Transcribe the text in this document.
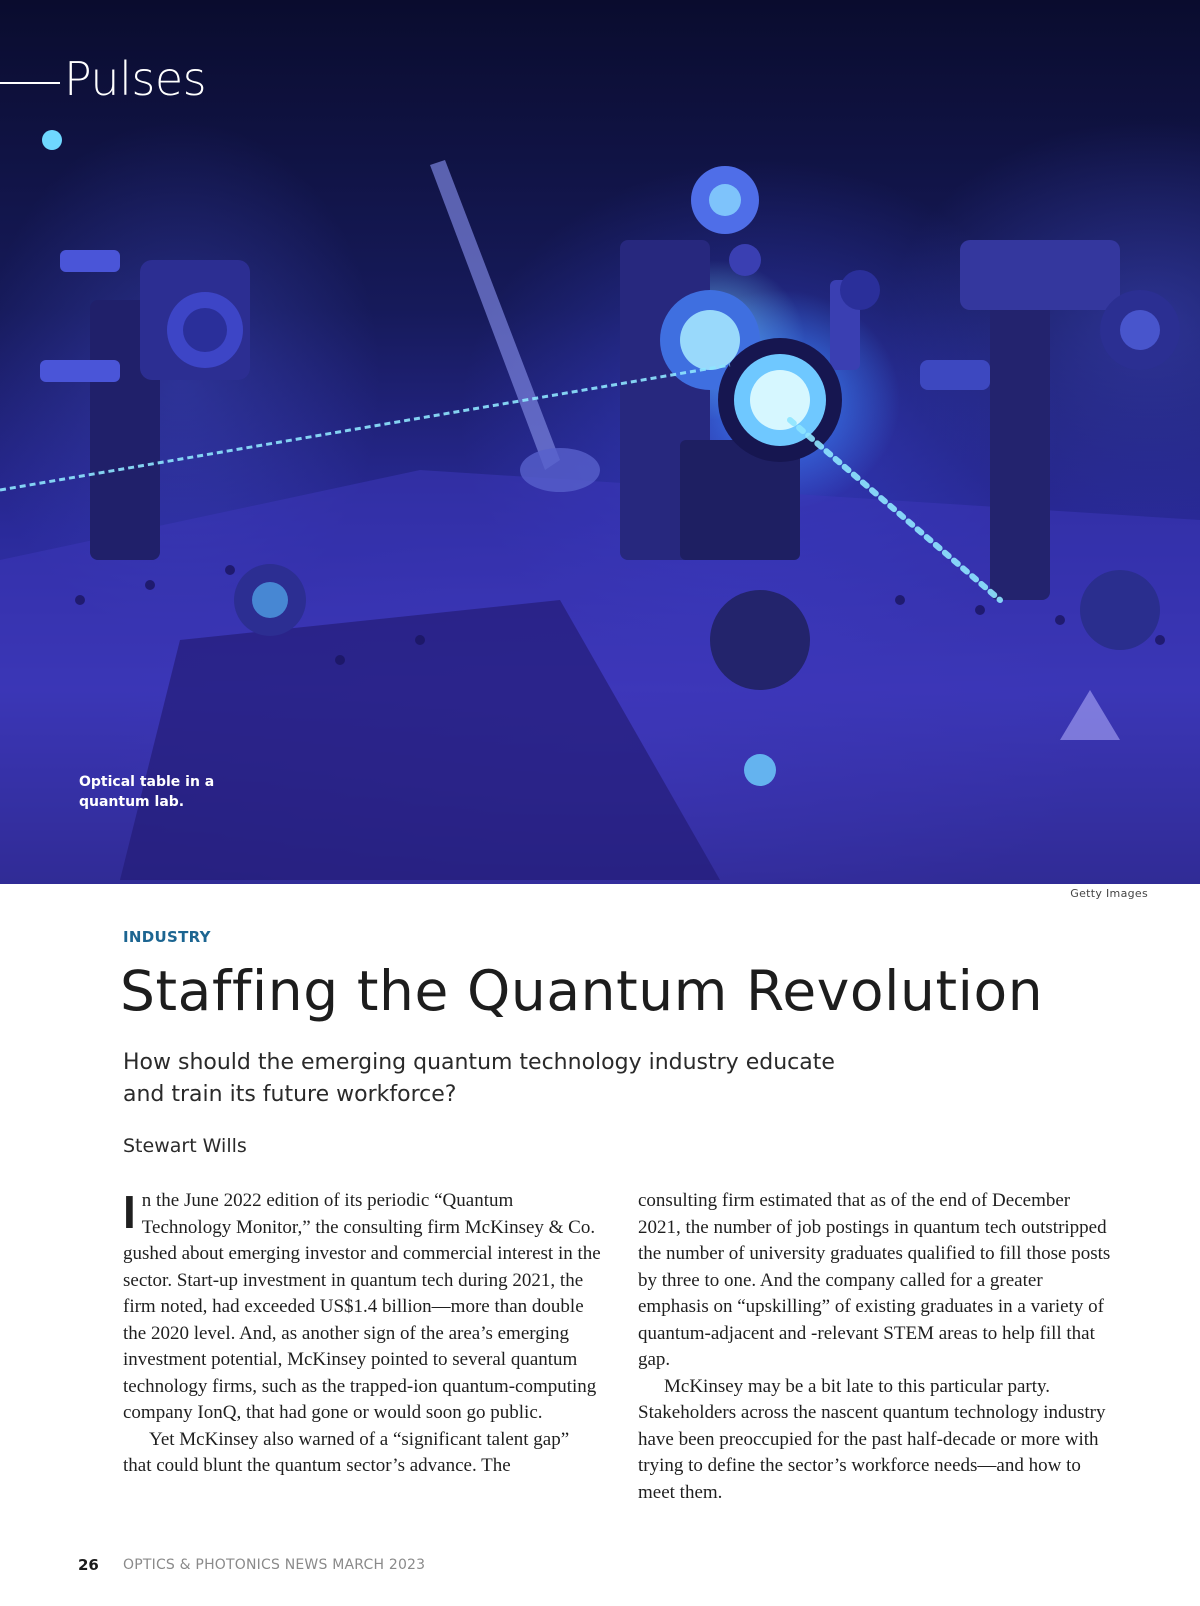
Pulses
Optical table in a quantum lab.
Getty Images
INDUSTRY
Staffing the Quantum Revolution
How should the emerging quantum technology industry educate and train its future workforce?
Stewart Wills

In the June 2022 edition of its periodic “Quantum Technology Monitor,” the consulting firm McKinsey & Co. gushed about emerging investor and commercial interest in the sector. Start-up investment in quantum tech during 2021, the firm noted, had exceeded US$1.4 billion—more than double the 2020 level. And, as another sign of the area’s emerging investment potential, McKinsey pointed to several quantum technology firms, such as the trapped-ion quantum-computing company IonQ, that had gone or would soon go public.

Yet McKinsey also warned of a “significant talent gap” that could blunt the quantum sector’s advance. The

consulting firm estimated that as of the end of December 2021, the number of job postings in quantum tech outstripped the number of university graduates qualified to fill those posts by three to one. And the company called for a greater emphasis on “upskilling” of existing graduates in a variety of quantum-adjacent and -relevant STEM areas to help fill that gap.

McKinsey may be a bit late to this particular party. Stakeholders across the nascent quantum technology industry have been preoccupied for the past half-decade or more with trying to define the sector’s workforce needs—and how to meet them.

26 OPTICS & PHOTONICS NEWS MARCH 2023
